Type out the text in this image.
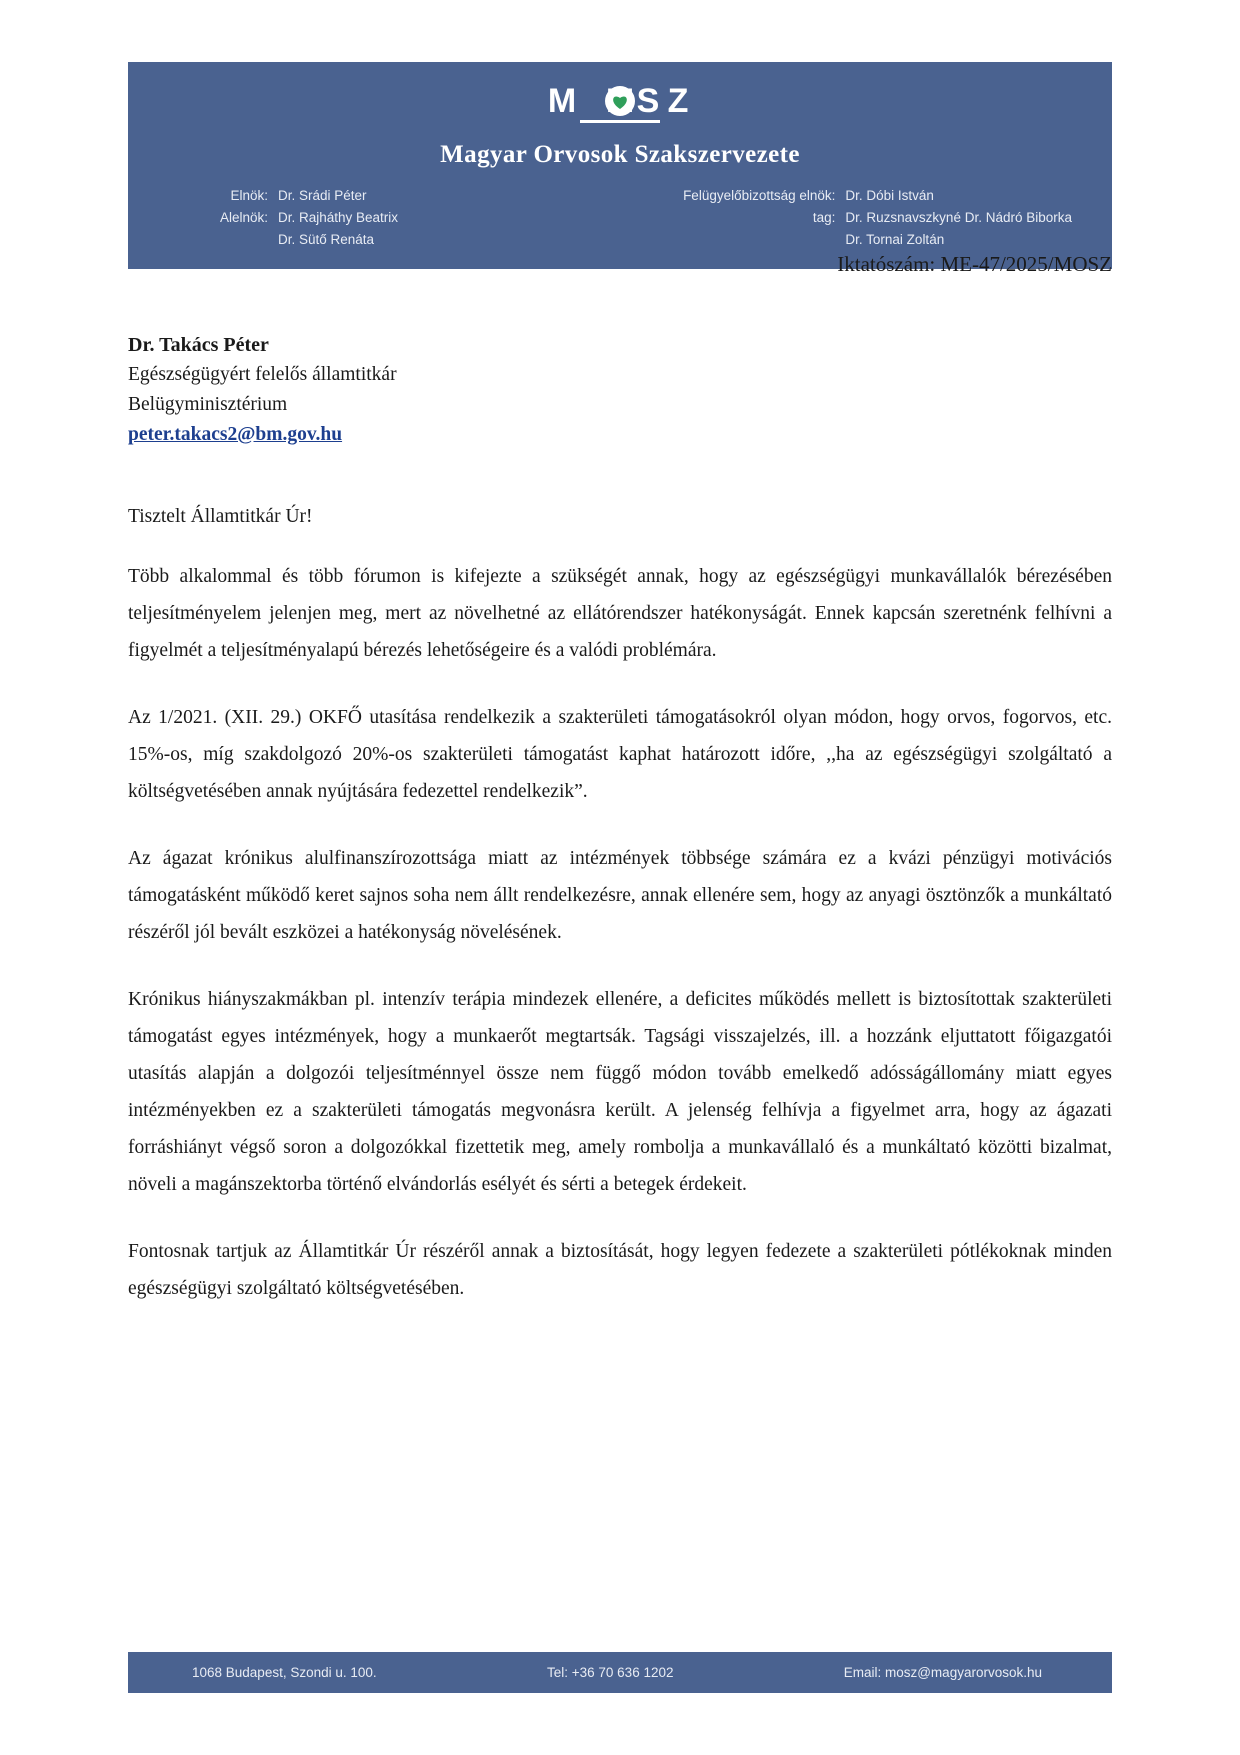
M	Z
S
Magyar Orvosok Szakszervezete
Elnök: Dr. Srádi Péter
Alelnök: Dr. Rajháthy Beatrix
Dr. Sütő Renáta
Felügyelőbizottság elnök: Dr. Dóbi István
tag: Dr. Ruzsnavszkyné Dr. Nádró Biborka
Dr. Tornai Zoltán
Iktatószám: ME-47/2025/MOSZ
Dr. Takács Péter
Egészségügyért felelős államtitkár
Belügyminisztérium
peter.takacs2@bm.gov.hu
Tisztelt Államtitkár Úr!

Több alkalommal és több fórumon is kifejezte a szükségét annak, hogy az egészségügyi munkavállalók bérezésében teljesítményelem jelenjen meg, mert az növelhetné az ellátórendszer hatékonyságát. Ennek kapcsán szeretnénk felhívni a figyelmét a teljesítményalapú bérezés lehetőségeire és a valódi problémára.

Az 1/2021. (XII. 29.) OKFŐ utasítása rendelkezik a szakterületi támogatásokról olyan módon, hogy orvos, fogorvos, etc. 15%-os, míg szakdolgozó 20%-os szakterületi támogatást kaphat határozott időre, ,,ha az egészségügyi szolgáltató a költségvetésében annak nyújtására fedezettel rendelkezik”.

Az ágazat krónikus alulfinanszírozottsága miatt az intézmények többsége számára ez a kvázi pénzügyi motivációs támogatásként működő keret sajnos soha nem állt rendelkezésre, annak ellenére sem, hogy az anyagi ösztönzők a munkáltató részéről jól bevált eszközei a hatékonyság növelésének.

Krónikus hiányszakmákban pl. intenzív terápia mindezek ellenére, a deficites működés mellett is biztosítottak szakterületi támogatást egyes intézmények, hogy a munkaerőt megtartsák. Tagsági visszajelzés, ill. a hozzánk eljuttatott főigazgatói utasítás alapján a dolgozói teljesítménnyel össze nem függő módon tovább emelkedő adósságállomány miatt egyes intézményekben ez a szakterületi támogatás megvonásra került. A jelenség felhívja a figyelmet arra, hogy az ágazati forráshiányt végső soron a dolgozókkal fizettetik meg, amely rombolja a munkavállaló és a munkáltató közötti bizalmat, növeli a magánszektorba történő elvándorlás esélyét és sérti a betegek érdekeit.

Fontosnak tartjuk az Államtitkár Úr részéről annak a biztosítását, hogy legyen fedezete a szakterületi pótlékoknak minden egészségügyi szolgáltató költségvetésében.

1068 Budapest, Szondi u. 100.	Tel: +36 70 636 1202	Email: mosz@magyarorvosok.hu
